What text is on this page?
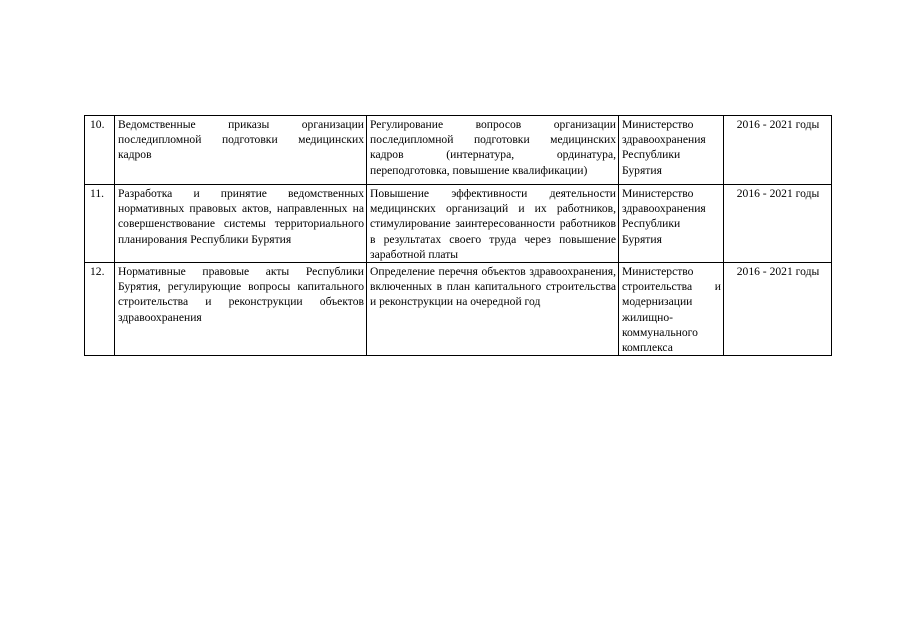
10.	Ведомственные приказы организации последипломной подготовки медицинских кадров	Регулирование вопросов организации последипломной подготовки медицинских кадров (интернатура, ординатура, переподготовка, повышение квалификации)	Министерство здравоохранения Республики Бурятия	2016 - 2021 годы
11.	Разработка и принятие ведомственных нормативных правовых актов, направленных на совершенствование системы территориального планирования Республики Бурятия	Повышение эффективности деятельности медицинских организаций и их работников, стимулирование заинтересованности работников в результатах своего труда через повышение заработной платы	Министерство здравоохранения Республики Бурятия	2016 - 2021 годы
12.	Нормативные правовые акты Республики Бурятия, регулирующие вопросы капитального строительства и реконструкции объектов здравоохранения	Определение перечня объектов здравоохранения, включенных в план капитального строительства и реконструкции на очередной год	Министерство строительства и модернизации жилищно-коммунального комплекса	2016 - 2021 годы
